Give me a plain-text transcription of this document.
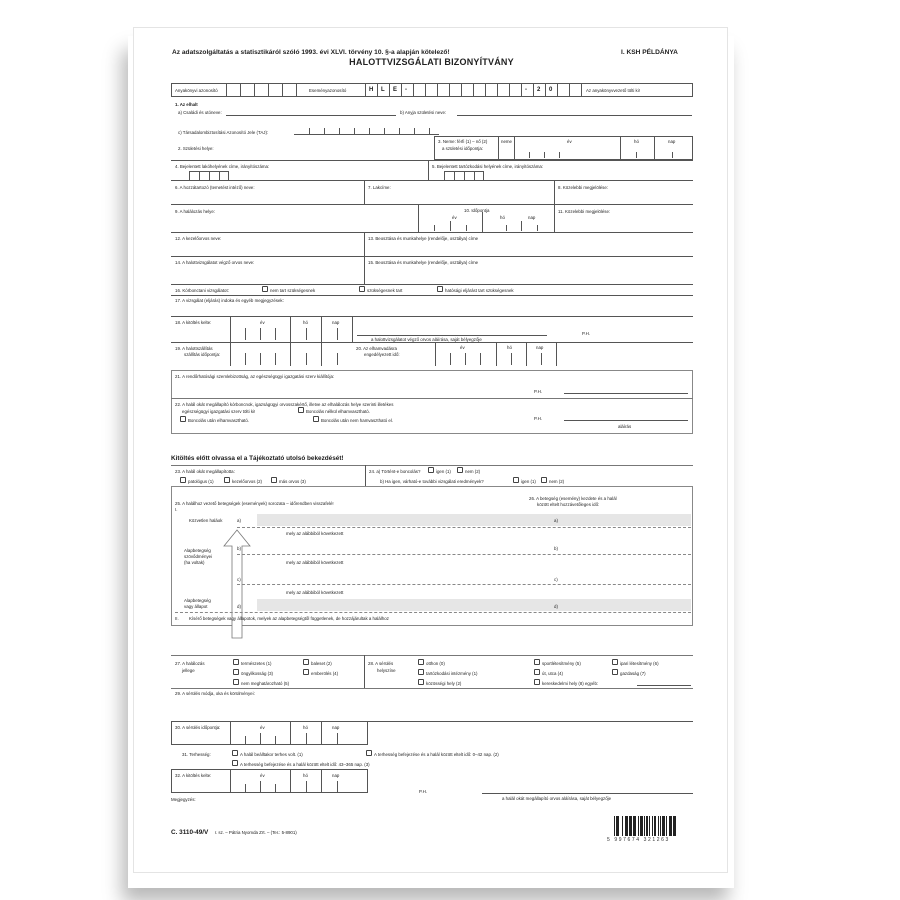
Az adatszolgáltatás a statisztikáról szóló 1993. évi XLVI. törvény 10. §-a alapján kötelező!	I. KSH PÉLDÁNYA
HALOTTVIZSGÁLATI BIZONYÍTVÁNY
Anyakönyvi azonosító	Eseményazonosító	H L E -	- 2 0	Az anyakönyvvezető tölti ki!
1. Az elhalt
a) Családi és utóneve:	b) Anyja születési neve:
c) Társadalombiztosítási Azonosító Jele (TAJ):
2. Születési helye:
3. Neme: férfi (1) – nő (2)
a születési időpontja:
neme	év	hó	nap
4. Bejelentett lakóhelyének címe, irányítószáma:	5. Bejelentett tartózkodási helyének címe, irányítószáma:
6. A hozzátartozó (temetést intéző) neve:	7. Lakcíme:	8. Közelebbi megjelölése:
9. A halálozás helye:	10. Időpontja
év	hó	nap
11. Közelebbi megjelölése:
12. A kezelőorvos neve:	13. Beosztása és munkahelye (rendelője, osztálya) címe
14. A halottvizsgálatot végző orvos neve:	15. Beosztása és munkahelye (rendelője, osztálya) címe
16. Kórbonctani vizsgálatot:	nem tart szükségesnek	szükségesnek tart	hatósági eljárást tart szükségesnek
17. A vizsgálat (eljárás) indoka és egyéb megjegyzések:
18. A kitöltés kelte:	év	hó	nap
a halottvizsgálatot végző orvos aláírása, saját bélyegzője
P.H.
19. A halottszállítás
szállítás időpontja:
20. Az elhamvadásra
engedélyezett idő:
év	hó	nap
21. A rendőrhatósági szemlebizottság, az egészségügyi igazgatási szerv kiállítója:
P.H.
22. A halál okát megállapító kórboncnok, igazságügyi orvosszakértő, illetve az elhalálozás helye szerinti illetékes
egészségügyi igazgatási szerv tölti ki!	Boncolás nélkül elhamvasztható.
Boncolás után elhamvasztható.	Boncolás után nem hamvasztható el.	P.H.
aláírás
Kitöltés előtt olvassa el a Tájékoztató utolsó bekezdését!
23. A halál okát megállapította:
patológus (1)	kezelőorvos (2)	más orvos (3)
24. a) Történt-e boncolás?	igen (1)	nem (2)
b) Ha igen, várható-e további vizsgálati eredmények?	igen (1)	nem (2)
25. A halálhoz vezető betegségek (események) sorozata – időrendben visszafelé!
I.
26. A betegség (esemény) kezdete és a halál
között eltelt hozzávetőleges idő:
Közvetlen haláok	a)	a)
mely az alábbiból következett
Alapbetegség
szövődményei
(ha voltak)
b)	b)
mely az alábbiból következett
c)	c)
mely az alábbiból következett
Alapbetegség
vagy állapot	d)	d)
II. Kísérő betegségek vagy állapotok, melyek az alapbetegségtől függetlenek, de hozzájárultak a halálhoz
27. A halálozás
jellege
természetes (1)	baleset (2)
öngyilkosság (3)	emberölés (4)
nem meghatározható (5)
28. A sérülés
helyszíne
otthon (0)	sportlétesítmény (5)	ipari létesítmény (6)
tartózkodási intézmény (1)	út, utca (4)	gazdaság (7)
közösségi hely (2)	kereskedelmi hely (8) egyéb:
29. A sérülés módja, oka és körülményei:
30. A sérülés időpontja:	év	hó	nap
31. Terhesség:	A halál beálltakor terhes volt. (1)	A terhesség befejezése és a halál között eltelt idő: 0–42 nap. (2)
A terhesség befejezése és a halál között eltelt idő: 43–365 nap. (3)
32. A kitöltés kelte:	év	hó	nap
P.H.
a halál okát megállapító orvos aláírása, saját bélyegzője
Megjegyzés:
C. 3110-49/V r. sz. – Pátria Nyomda Zrt. – (Ter.: 5-8901)
5 997674 321263
